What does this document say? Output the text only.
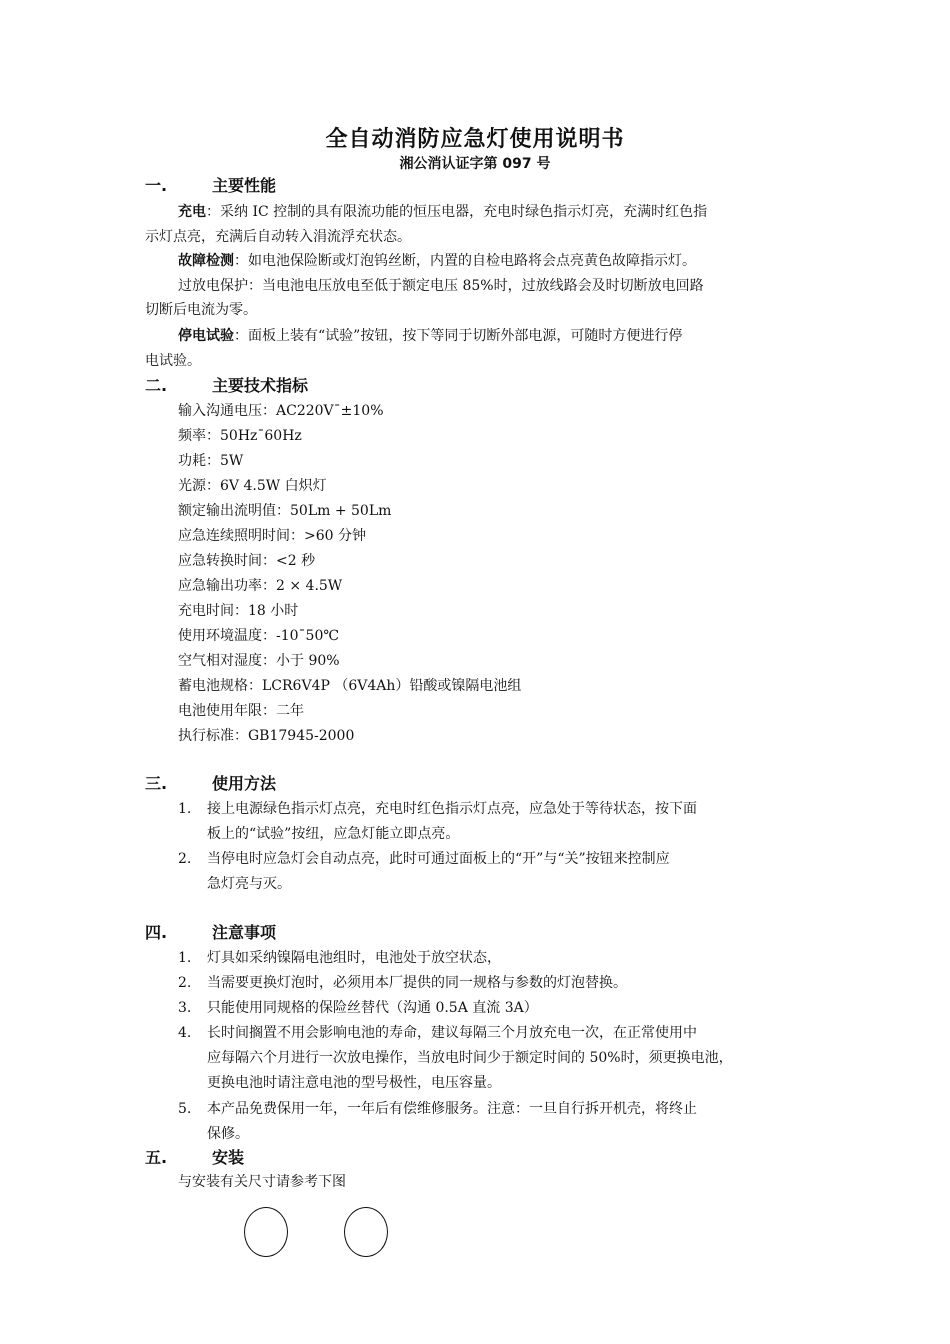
全自动消防应急灯使用说明书
湘公消认证字第 097 号
一.	主要性能
充电：采纳 IC 控制的具有限流功能的恒压电器，充电时绿色指示灯亮，充满时红色指
示灯点亮，充满后自动转入涓流浮充状态。
故障检测：如电池保险断或灯泡钨丝断，内置的自检电路将会点亮黄色故障指示灯。
过放电保护：当电池电压放电至低于额定电压 85%时，过放线路会及时切断放电回路
切断后电流为零。
停电试验：面板上装有“试验”按钮，按下等同于切断外部电源，可随时方便进行停
电试验。
二.	主要技术指标
输入沟通电压：AC220V¯±10%
频率：50Hz¯60Hz
功耗：5W
光源：6V 4.5W 白炽灯
额定输出流明值：50Lm + 50Lm
应急连续照明时间：>60 分钟
应急转换时间：<2 秒
应急输出功率：2 × 4.5W
充电时间：18 小时
使用环境温度：-10¯50℃
空气相对湿度：小于 90%
蓄电池规格：LCR6V4P （6V4Ah）铅酸或镍隔电池组
电池使用年限：二年
执行标准：GB17945-2000
三.	使用方法
1. 接上电源绿色指示灯点亮，充电时红色指示灯点亮，应急处于等待状态，按下面
板上的“试验”按纽，应急灯能立即点亮。
2. 当停电时应急灯会自动点亮，此时可通过面板上的“开”与“关”按钮来控制应
急灯亮与灭。
四.	注意事项
1. 灯具如采纳镍隔电池组时，电池处于放空状态，
2. 当需要更换灯泡时，必须用本厂提供的同一规格与参数的灯泡替换。
3. 只能使用同规格的保险丝替代（沟通 0.5A 直流 3A）
4. 长时间搁置不用会影响电池的寿命，建议每隔三个月放充电一次，在正常使用中
应每隔六个月进行一次放电操作，当放电时间少于额定时间的 50%时，须更换电池，
更换电池时请注意电池的型号极性，电压容量。
5. 本产品免费保用一年，一年后有偿维修服务。注意：一旦自行拆开机壳，将终止
保修。
五.	安装
与安装有关尺寸请参考下图
